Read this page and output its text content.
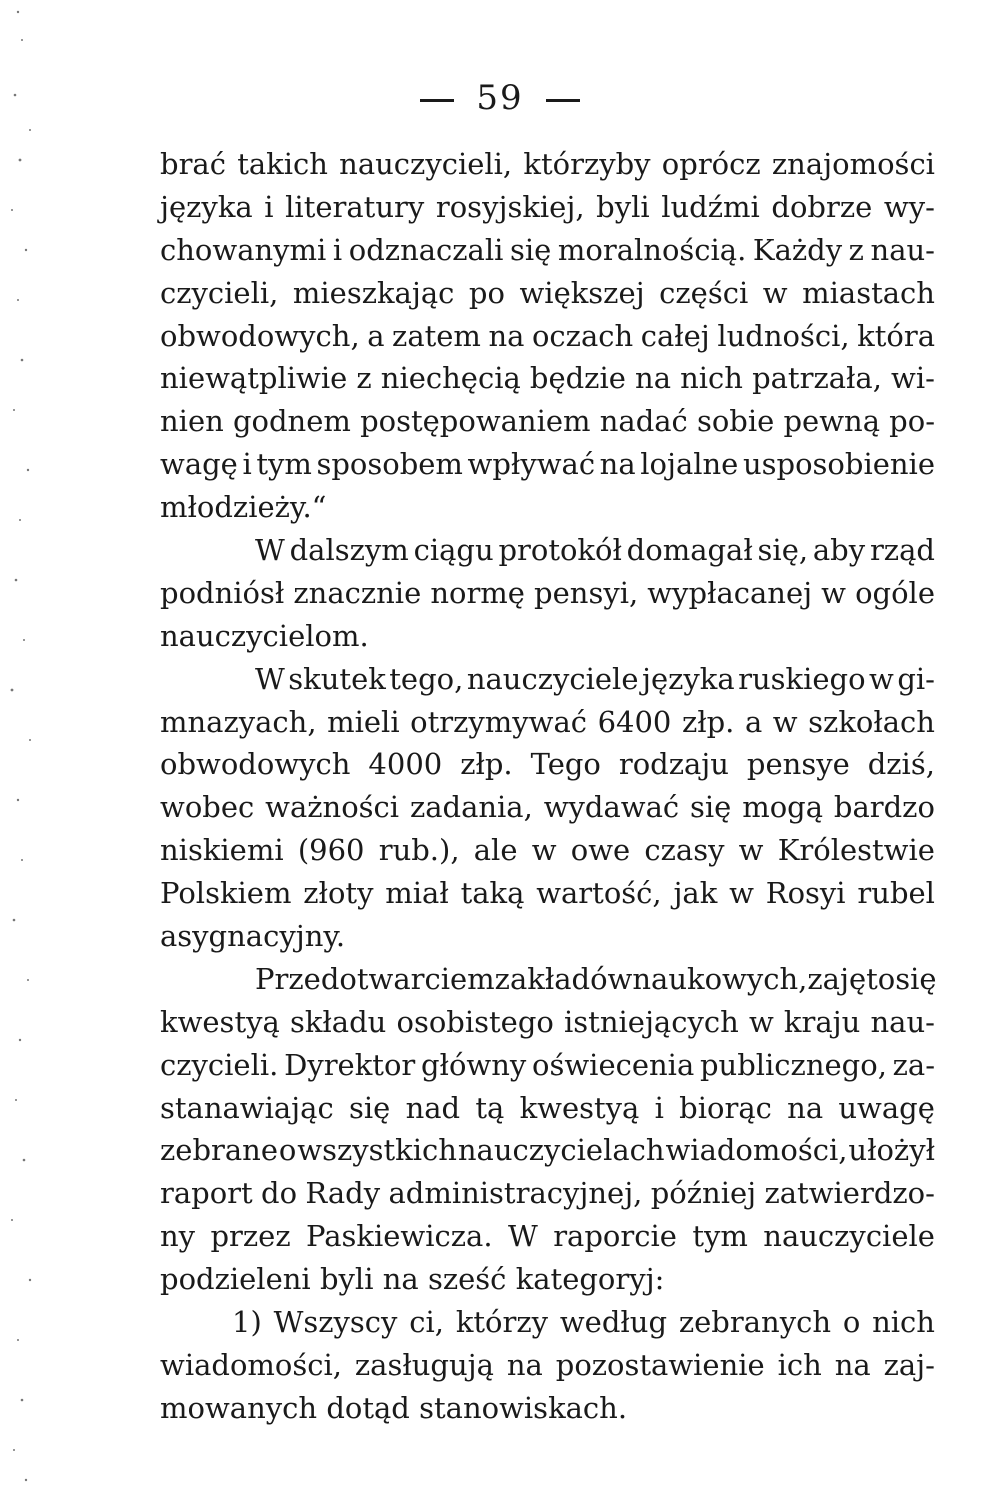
59
brać takich nauczycieli, którzyby oprócz znajomości
języka i literatury rosyjskiej, byli ludźmi dobrze wy-
chowanymi i odznaczali się moralnością. Każdy z nau-
czycieli, mieszkając po większej części w miastach
obwodowych, a zatem na oczach całej ludności, która
niewątpliwie z niechęcią będzie na nich patrzała, wi-
nien godnem postępowaniem nadać sobie pewną po-
wagę i tym sposobem wpływać na lojalne usposobienie
młodzieży.“
W dalszym ciągu protokół domagał się, aby rząd
podniósł znacznie normę pensyi, wypłacanej w ogóle
nauczycielom.
W skutek tego, nauczyciele języka ruskiego w gi-
mnazyach, mieli otrzymywać 6400 złp. a w szkołach
obwodowych 4000 złp. Tego rodzaju pensye dziś,
wobec ważności zadania, wydawać się mogą bardzo
niskiemi (960 rub.), ale w owe czasy w Królestwie
Polskiem złoty miał taką wartość, jak w Rosyi rubel
asygnacyjny.
Przed otwarciem zakładów naukowych, zajęto się
kwestyą składu osobistego istniejących w kraju nau-
czycieli. Dyrektor główny oświecenia publicznego, za-
stanawiając się nad tą kwestyą i biorąc na uwagę
zebrane o wszystkich nauczycielach wiadomości, ułożył
raport do Rady administracyjnej, później zatwierdzo-
ny przez Paskiewicza. W raporcie tym nauczyciele
podzieleni byli na sześć kategoryj:
1) Wszyscy ci, którzy według zebranych o nich
wiadomości, zasługują na pozostawienie ich na zaj-
mowanych dotąd stanowiskach.
